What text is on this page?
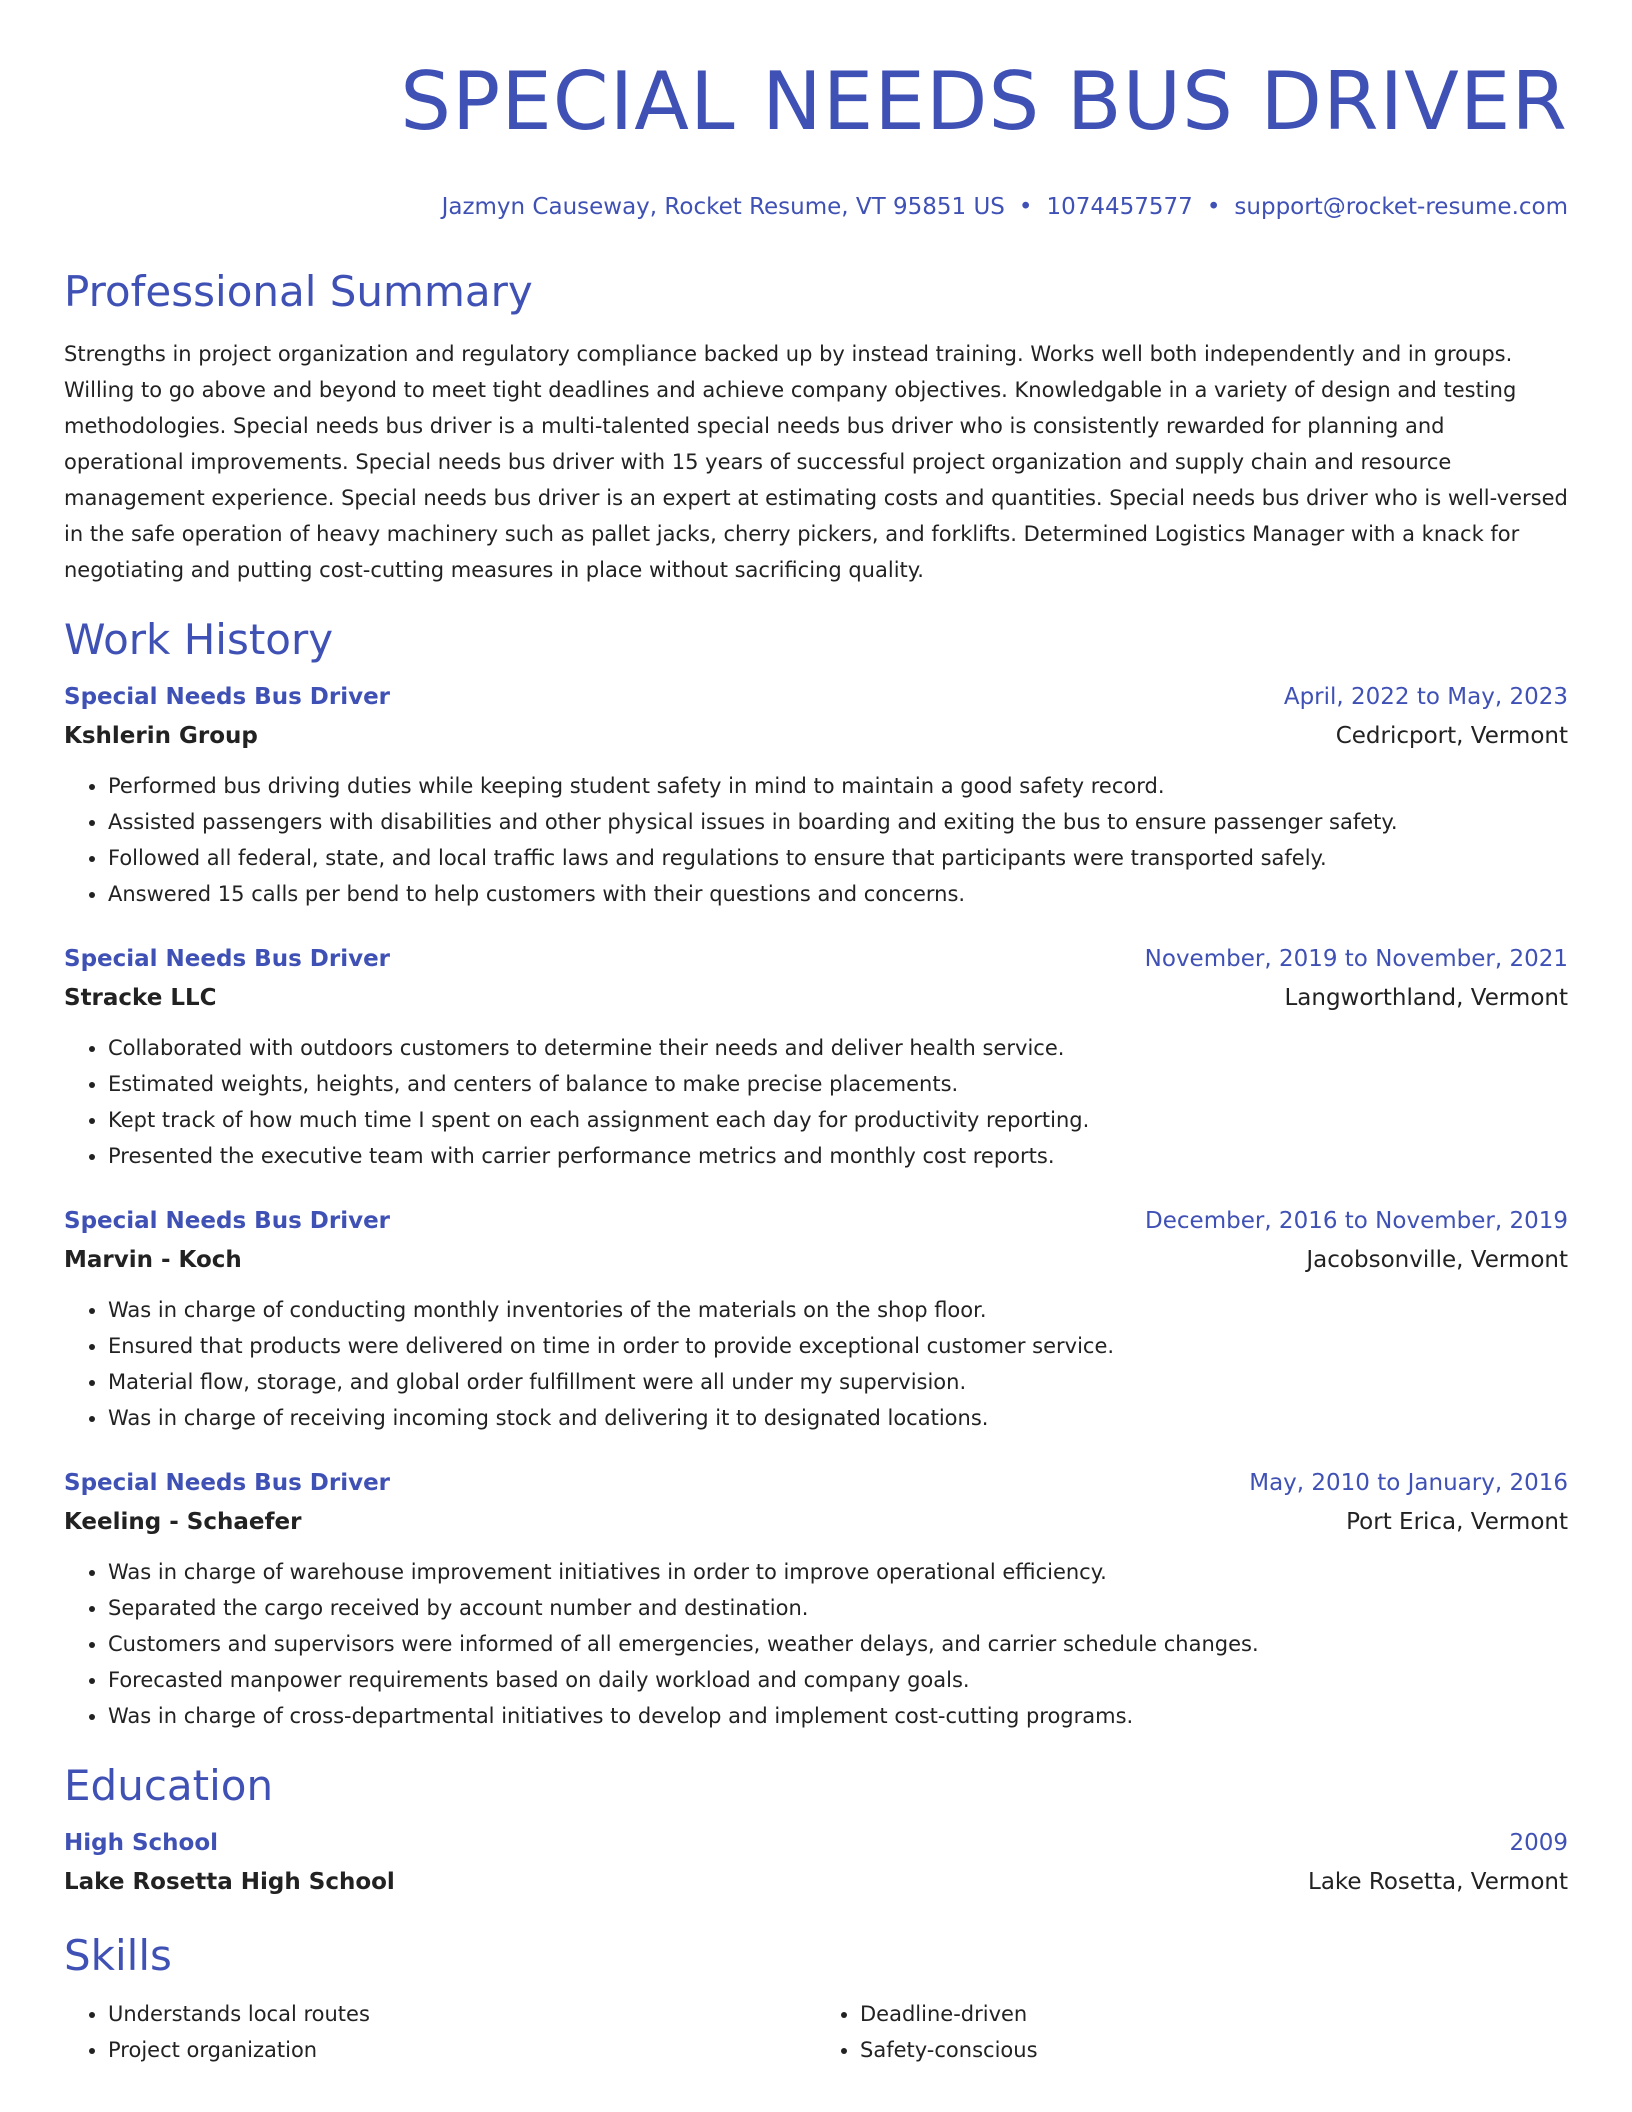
SPECIAL NEEDS BUS DRIVER
Jazmyn Causeway, Rocket Resume, VT 95851 US • 1074457577 • support@rocket-resume.com
Professional Summary
Strengths in project organization and regulatory compliance backed up by instead training. Works well both independently and in groups. Willing to go above and beyond to meet tight deadlines and achieve company objectives. Knowledgable in a variety of design and testing methodologies. Special needs bus driver is a multi-talented special needs bus driver who is consistently rewarded for planning and operational improvements. Special needs bus driver with 15 years of successful project organization and supply chain and resource management experience. Special needs bus driver is an expert at estimating costs and quantities. Special needs bus driver who is well-versed in the safe operation of heavy machinery such as pallet jacks, cherry pickers, and forklifts. Determined Logistics Manager with a knack for negotiating and putting cost-cutting measures in place without sacrificing quality.
Work History
Special Needs Bus Driver	April, 2022 to May, 2023
Kshlerin Group	Cedricport, Vermont
• Performed bus driving duties while keeping student safety in mind to maintain a good safety record.
• Assisted passengers with disabilities and other physical issues in boarding and exiting the bus to ensure passenger safety.
• Followed all federal, state, and local traffic laws and regulations to ensure that participants were transported safely.
• Answered 15 calls per bend to help customers with their questions and concerns.
Special Needs Bus Driver	November, 2019 to November, 2021
Stracke LLC	Langworthland, Vermont
• Collaborated with outdoors customers to determine their needs and deliver health service.
• Estimated weights, heights, and centers of balance to make precise placements.
• Kept track of how much time I spent on each assignment each day for productivity reporting.
• Presented the executive team with carrier performance metrics and monthly cost reports.
Special Needs Bus Driver	December, 2016 to November, 2019
Marvin - Koch	Jacobsonville, Vermont
• Was in charge of conducting monthly inventories of the materials on the shop floor.
• Ensured that products were delivered on time in order to provide exceptional customer service.
• Material flow, storage, and global order fulfillment were all under my supervision.
• Was in charge of receiving incoming stock and delivering it to designated locations.
Special Needs Bus Driver	May, 2010 to January, 2016
Keeling - Schaefer	Port Erica, Vermont
• Was in charge of warehouse improvement initiatives in order to improve operational efficiency.
• Separated the cargo received by account number and destination.
• Customers and supervisors were informed of all emergencies, weather delays, and carrier schedule changes.
• Forecasted manpower requirements based on daily workload and company goals.
• Was in charge of cross-departmental initiatives to develop and implement cost-cutting programs.
Education
High School	2009
Lake Rosetta High School	Lake Rosetta, Vermont
Skills
• Understands local routes
• Project organization
• Deadline-driven
• Safety-conscious
